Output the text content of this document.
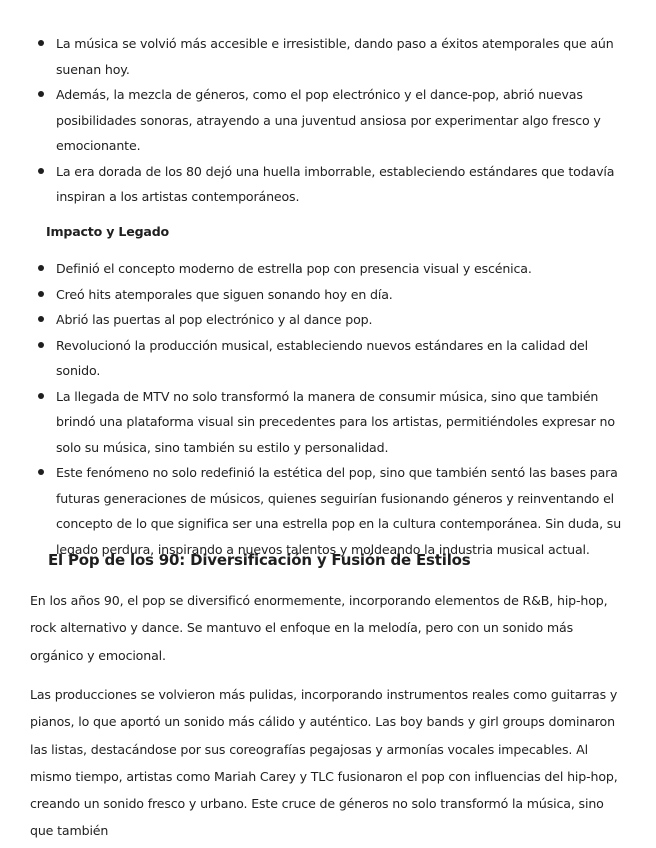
La música se volvió más accesible e irresistible, dando paso a éxitos atemporales que aún suenan hoy.
Además, la mezcla de géneros, como el pop electrónico y el dance-pop, abrió nuevas posibilidades sonoras, atrayendo a una juventud ansiosa por experimentar algo fresco y emocionante.
La era dorada de los 80 dejó una huella imborrable, estableciendo estándares que todavía inspiran a los artistas contemporáneos.
Impacto y Legado
Definió el concepto moderno de estrella pop con presencia visual y escénica.
Creó hits atemporales que siguen sonando hoy en día.
Abrió las puertas al pop electrónico y al dance pop.
Revolucionó la producción musical, estableciendo nuevos estándares en la calidad del sonido.
La llegada de MTV no solo transformó la manera de consumir música, sino que también brindó una plataforma visual sin precedentes para los artistas, permitiéndoles expresar no solo su música, sino también su estilo y personalidad.
Este fenómeno no solo redefinió la estética del pop, sino que también sentó las bases para futuras generaciones de músicos, quienes seguirían fusionando géneros y reinventando el concepto de lo que significa ser una estrella pop en la cultura contemporánea. Sin duda, su legado perdura, inspirando a nuevos talentos y moldeando la industria musical actual.
El Pop de los 90: Diversificación y Fusión de Estilos

En los años 90, el pop se diversificó enormemente, incorporando elementos de R&B, hip-hop, rock alternativo y dance. Se mantuvo el enfoque en la melodía, pero con un sonido más orgánico y emocional.

Las producciones se volvieron más pulidas, incorporando instrumentos reales como guitarras y pianos, lo que aportó un sonido más cálido y auténtico. Las boy bands y girl groups dominaron las listas, destacándose por sus coreografías pegajosas y armonías vocales impecables. Al mismo tiempo, artistas como Mariah Carey y TLC fusionaron el pop con influencias del hip-hop, creando un sonido fresco y urbano. Este cruce de géneros no solo transformó la música, sino que también
